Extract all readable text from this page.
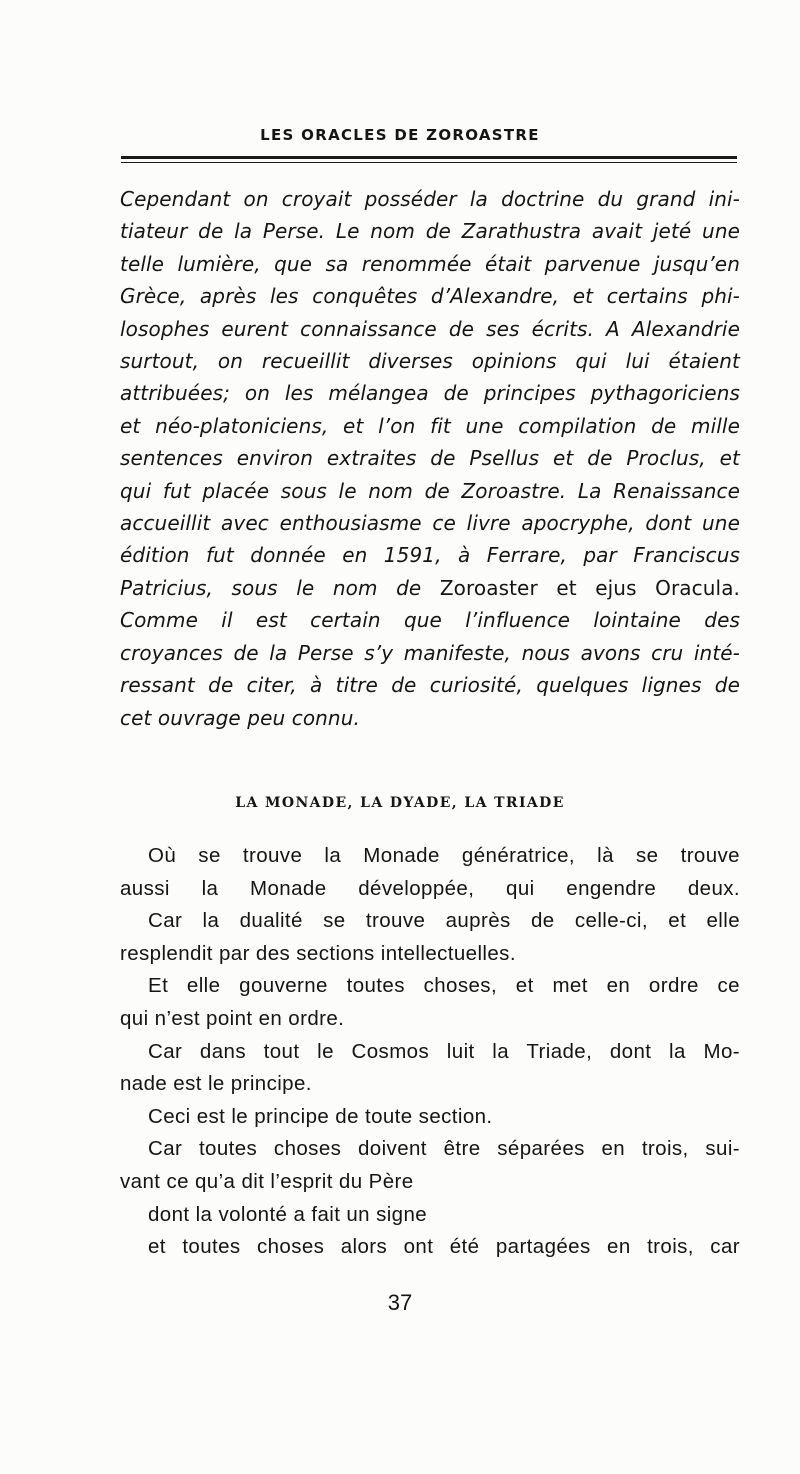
LES ORACLES DE ZOROASTRE

Cependant on croyait posséder la doctrine du grand ini-
tiateur de la Perse. Le nom de Zarathustra avait jeté une
telle lumière, que sa renommée était parvenue jusqu’en
Grèce, après les conquêtes d’Alexandre, et certains phi-
losophes eurent connaissance de ses écrits. A Alexandrie
surtout, on recueillit diverses opinions qui lui étaient
attribuées; on les mélangea de principes pythagoriciens
et néo-platoniciens, et l’on fit une compilation de mille
sentences environ extraites de Psellus et de Proclus, et
qui fut placée sous le nom de Zoroastre. La Renaissance
accueillit avec enthousiasme ce livre apocryphe, dont une
édition fut donnée en 1591, à Ferrare, par Franciscus
Patricius, sous le nom de Zoroaster et ejus Oracula.
Comme il est certain que l’influence lointaine des
croyances de la Perse s’y manifeste, nous avons cru inté-
ressant de citer, à titre de curiosité, quelques lignes de
cet ouvrage peu connu.

LA MONADE, LA DYADE, LA TRIADE
Où se trouve la Monade génératrice, là se trouve
aussi la Monade développée, qui engendre deux.
Car la dualité se trouve auprès de celle-ci, et elle
resplendit par des sections intellectuelles.
Et elle gouverne toutes choses, et met en ordre ce
qui n’est point en ordre.
Car dans tout le Cosmos luit la Triade, dont la Mo-
nade est le principe.
Ceci est le principe de toute section.
Car toutes choses doivent être séparées en trois, sui-
vant ce qu’a dit l’esprit du Père
dont la volonté a fait un signe
et toutes choses alors ont été partagées en trois, car

37
